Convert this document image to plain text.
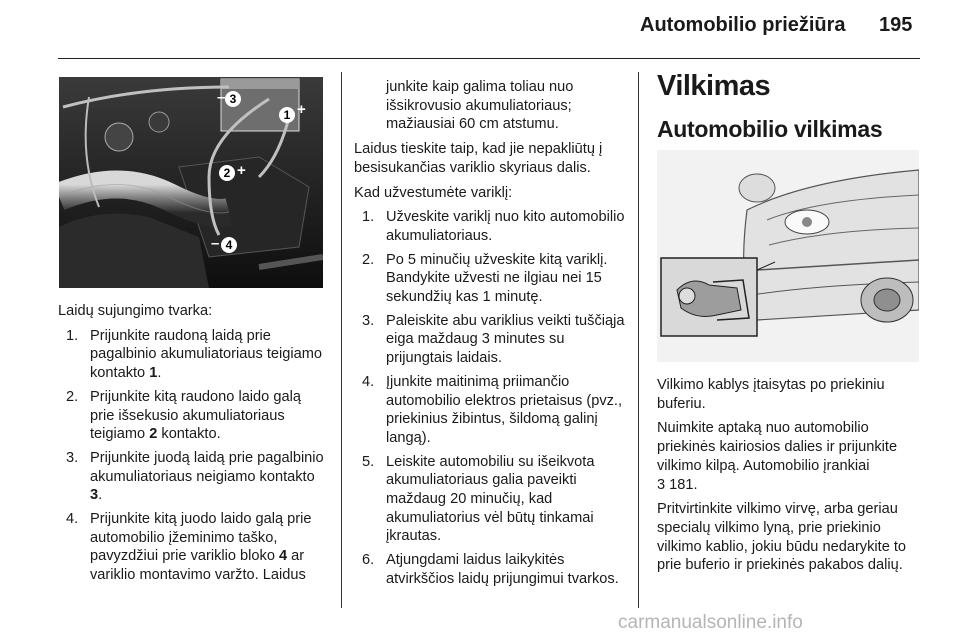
Automobilio priežiūra 195
– 3
1 +
2 +
– 4

Laidų sujungimo tvarka:

1. Prijunkite raudoną laidą prie pagalbinio akumuliatoriaus teigiamo kontakto 1.
2. Prijunkite kitą raudono laido galą prie išsekusio akumuliatoriaus teigiamo 2 kontakto.
3. Prijunkite juodą laidą prie pagalbinio akumuliatoriaus neigiamo kontakto 3.
4. Prijunkite kitą juodo laido galą prie automobilio įžeminimo taško, pavyzdžiui prie variklio bloko 4 ar variklio montavimo varžto. Laidus

junkite kaip galima toliau nuo išsikrovusio akumuliatoriaus; mažiausiai 60 cm atstumu.

Laidus tieskite taip, kad jie nepakliūtų į besisukančias variklio skyriaus dalis.

Kad užvestumėte variklį:

1. Užveskite variklį nuo kito automobilio akumuliatoriaus.
2. Po 5 minučių užveskite kitą variklį. Bandykite užvesti ne ilgiau nei 15 sekundžių kas 1 minutę.
3. Paleiskite abu variklius veikti tuščiąja eiga maždaug 3 minutes su prijungtais laidais.
4. Įjunkite maitinimą priimančio automobilio elektros prietaisus (pvz., priekinius žibintus, šildomą galinį langą).
5. Leiskite automobiliu su išeikvota akumuliatoriaus galia paveikti maždaug 20 minučių, kad akumuliatorius vėl būtų tinkamai įkrautas.
6. Atjungdami laidus laikykitės atvirkščios laidų prijungimui tvarkos.
Vilkimas
Automobilio vilkimas

Vilkimo kablys įtaisytas po priekiniu buferiu.

Nuimkite aptaką nuo automobilio priekinės kairiosios dalies ir prijunkite vilkimo kilpą. Automobilio įrankiai
3 181.

Pritvirtinkite vilkimo virvę, arba geriau specialų vilkimo lyną, prie priekinio vilkimo kablio, jokiu būdu nedarykite to prie buferio ir priekinės pakabos dalių.

carmanualsonline.info
